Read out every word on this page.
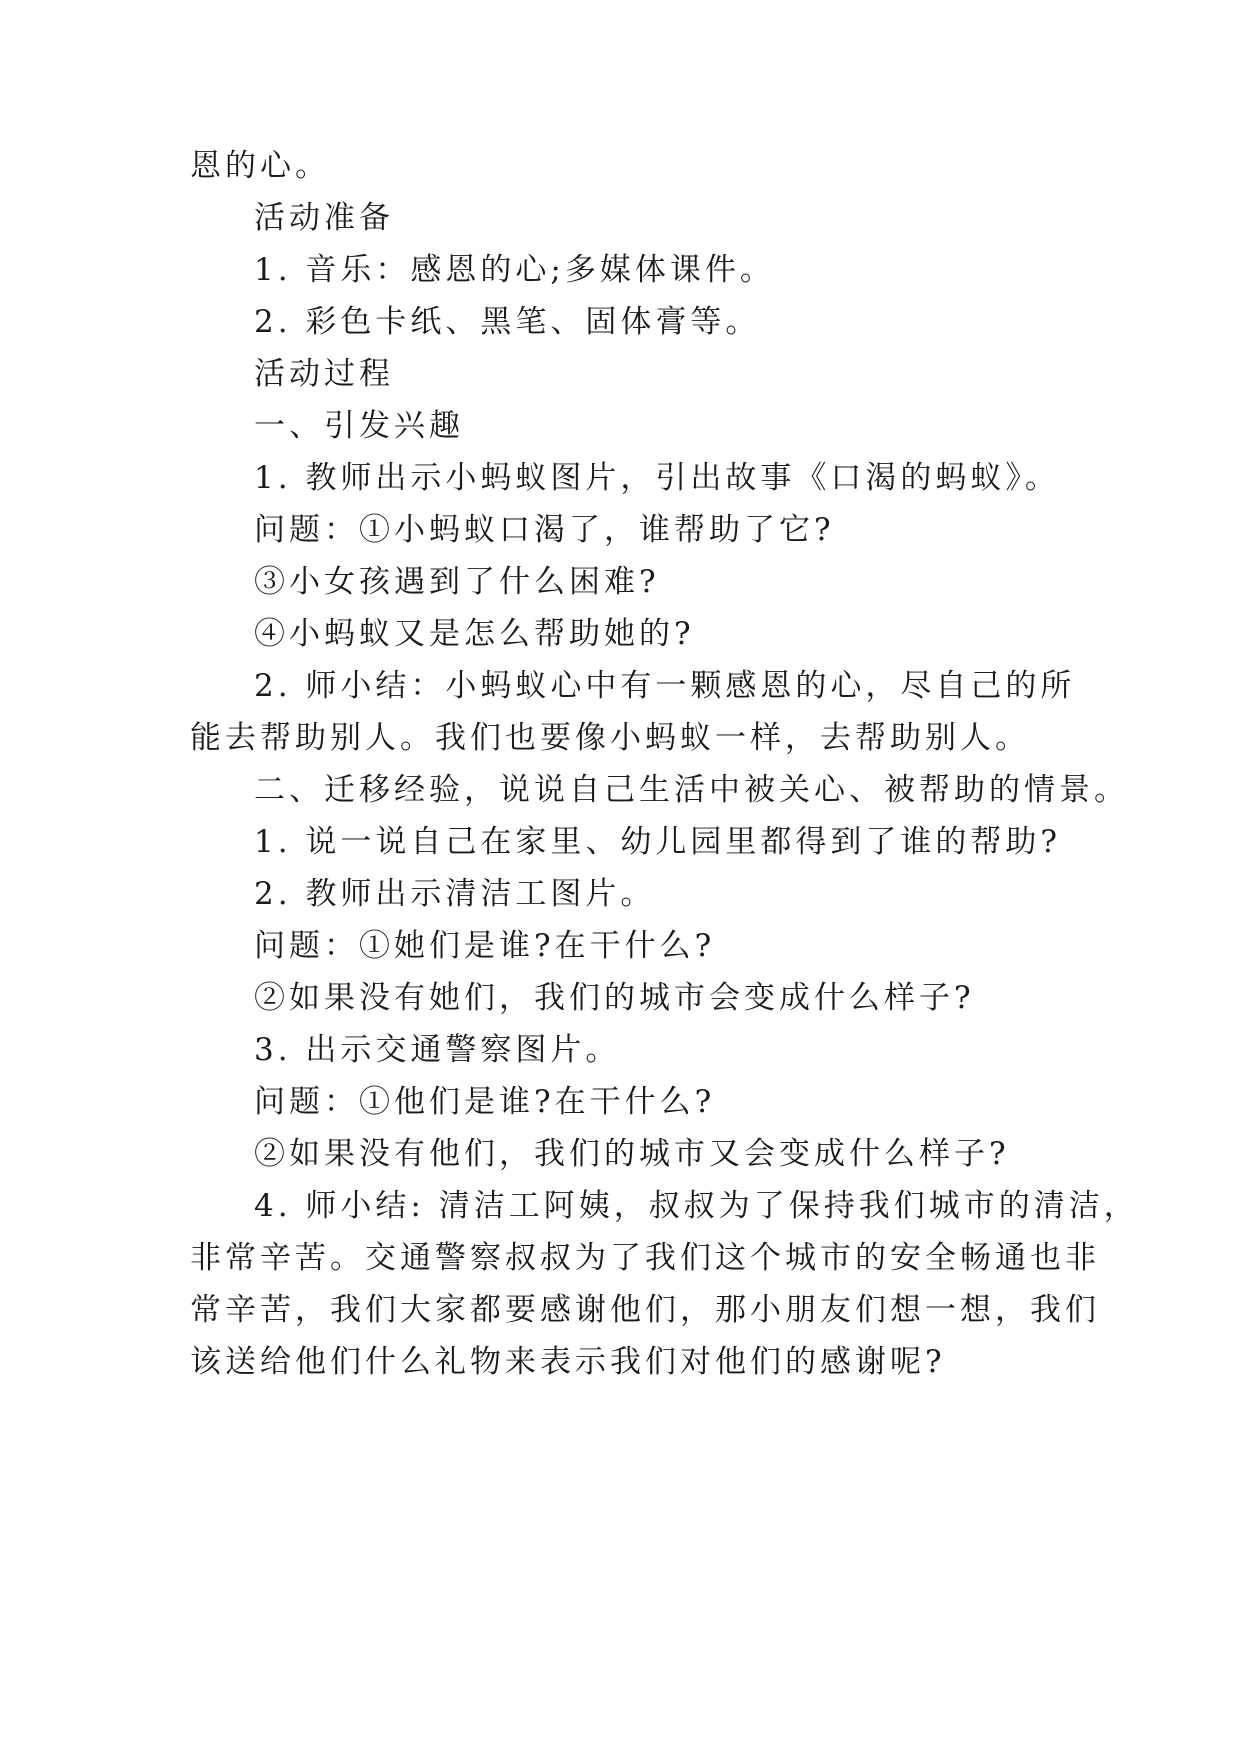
恩的心。
活动准备
1. 音乐：感恩的心;多媒体课件。
2. 彩色卡纸、黑笔、固体膏等。
活动过程
一、引发兴趣
1. 教师出示小蚂蚁图片，引出故事《口渴的蚂蚁》。
问题：①小蚂蚁口渴了，谁帮助了它?
③小女孩遇到了什么困难?
④小蚂蚁又是怎么帮助她的?
2. 师小结：小蚂蚁心中有一颗感恩的心，尽自己的所
能去帮助别人。我们也要像小蚂蚁一样，去帮助别人。
二、迁移经验，说说自己生活中被关心、被帮助的情景。
1. 说一说自己在家里、幼儿园里都得到了谁的帮助?
2. 教师出示清洁工图片。
问题：①她们是谁?在干什么?
②如果没有她们，我们的城市会变成什么样子?
3. 出示交通警察图片。
问题：①他们是谁?在干什么?
②如果没有他们，我们的城市又会变成什么样子?
4. 师小结: 清洁工阿姨，叔叔为了保持我们城市的清洁，
非常辛苦。交通警察叔叔为了我们这个城市的安全畅通也非
常辛苦，我们大家都要感谢他们，那小朋友们想一想，我们
该送给他们什么礼物来表示我们对他们的感谢呢?
